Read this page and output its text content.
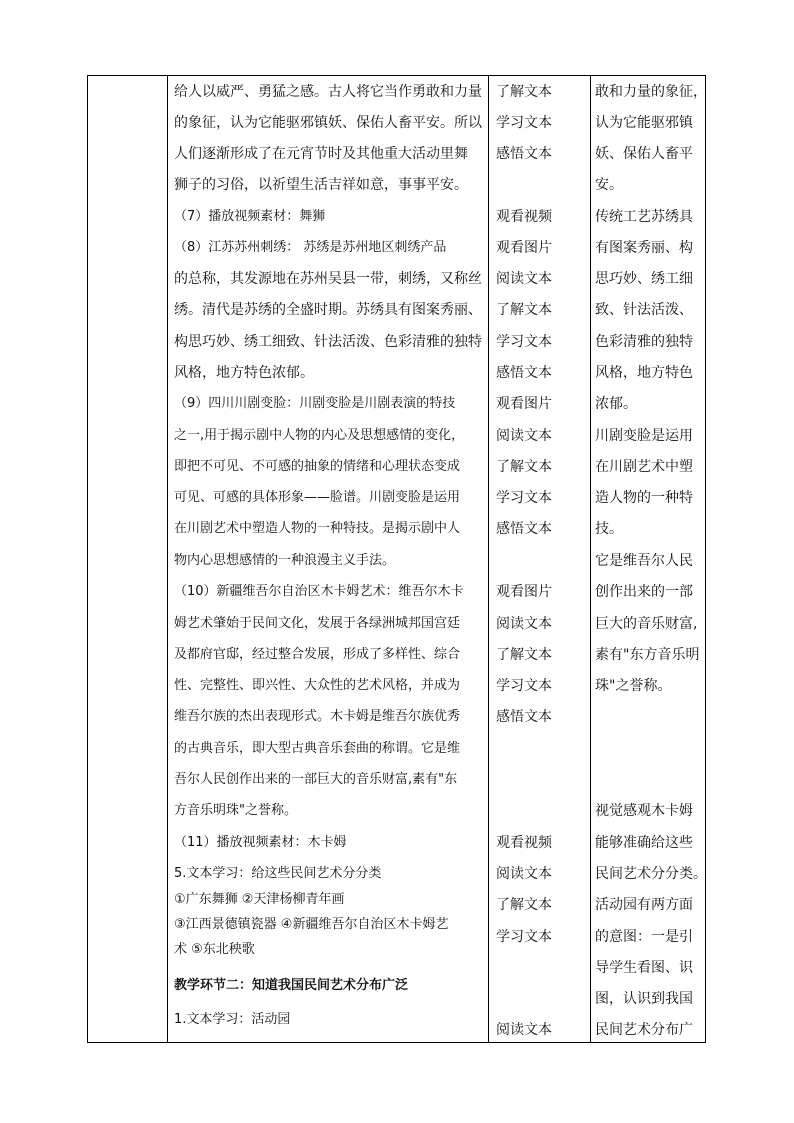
给人以威严、勇猛之感。古人将它当作勇敢和力量
的象征，认为它能驱邪镇妖、保佑人畜平安。所以
人们逐渐形成了在元宵节时及其他重大活动里舞
狮子的习俗，以祈望生活吉祥如意，事事平安。
（7）播放视频素材：舞狮
（8）江苏苏州刺绣： 苏绣是苏州地区刺绣产品
的总称，其发源地在苏州吴县一带，刺绣，又称丝
绣。清代是苏绣的全盛时期。苏绣具有图案秀丽、
构思巧妙、绣工细致、针法活泼、色彩清雅的独特
风格，地方特色浓郁。
（9）四川川剧变脸：川剧变脸是川剧表演的特技
之一,用于揭示剧中人物的内心及思想感情的变化，
即把不可见、不可感的抽象的情绪和心理状态变成
可见、可感的具体形象——脸谱。川剧变脸是运用
在川剧艺术中塑造人物的一种特技。是揭示剧中人
物内心思想感情的一种浪漫主义手法。
（10）新疆维吾尔自治区木卡姆艺术：维吾尔木卡
姆艺术肇始于民间文化，发展于各绿洲城邦国宫廷
及都府官邸，经过整合发展，形成了多样性、综合
性、完整性、即兴性、大众性的艺术风格，并成为
维吾尔族的杰出表现形式。木卡姆是维吾尔族优秀
的古典音乐，即大型古典音乐套曲的称谓。它是维
吾尔人民创作出来的一部巨大的音乐财富,素有"东
方音乐明珠"之誉称。
（11）播放视频素材：木卡姆
5.文本学习：给这些民间艺术分分类
①广东舞狮 ②天津杨柳青年画
③江西景德镇瓷器 ④新疆维吾尔自治区木卡姆艺
术 ⑤东北秧歌
教学环节二：知道我国民间艺术分布广泛
1.文本学习：活动园
了解文本
学习文本
感悟文本
观看视频
观看图片
阅读文本
了解文本
学习文本
感悟文本
观看图片
阅读文本
了解文本
学习文本
感悟文本
观看图片
阅读文本
了解文本
学习文本
感悟文本
观看视频
阅读文本
了解文本
学习文本
阅读文本
敢和力量的象征，
认为它能驱邪镇
妖、保佑人畜平
安。
传统工艺苏绣具
有图案秀丽、构
思巧妙、绣工细
致、针法活泼、
色彩清雅的独特
风格，地方特色
浓郁。
川剧变脸是运用
在川剧艺术中塑
造人物的一种特
技。
它是维吾尔人民
创作出来的一部
巨大的音乐财富,
素有"东方音乐明
珠"之誉称。
视觉感观木卡姆
能够准确给这些
民间艺术分分类。
活动园有两方面
的意图：一是引
导学生看图、识
图，认识到我国
民间艺术分布广
